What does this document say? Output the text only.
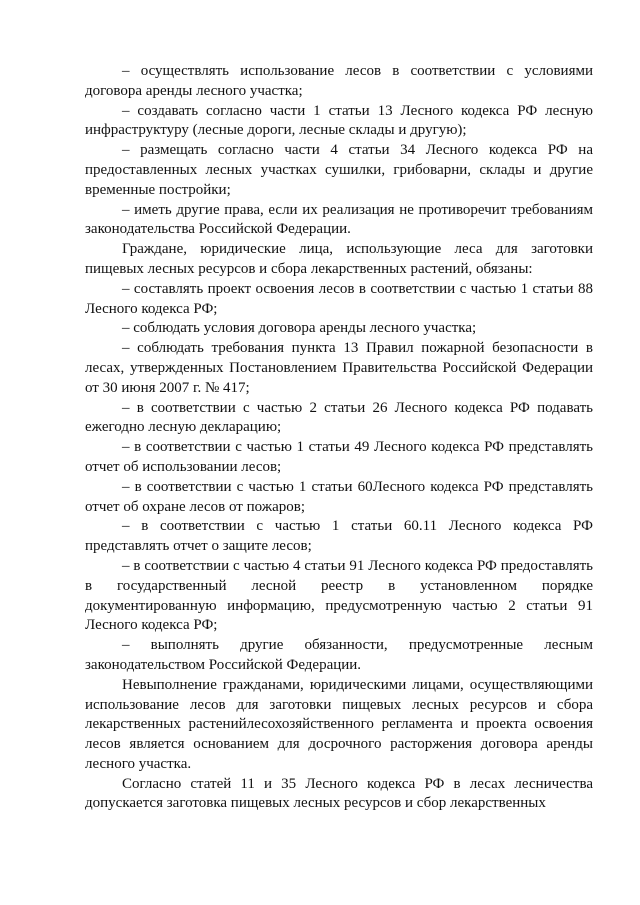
– осуществлять использование лесов в соответствии с условиями договора аренды лесного участка;

– создавать согласно части 1 статьи 13 Лесного кодекса РФ лесную инфраструктуру (лесные дороги, лесные склады и другую);

– размещать согласно части 4 статьи 34 Лесного кодекса РФ на предоставленных лесных участках сушилки, грибоварни, склады и другие временные постройки;

– иметь другие права, если их реализация не противоречит требованиям законодательства Российской Федерации.

Граждане, юридические лица, использующие леса для заготовки пищевых лесных ресурсов и сбора лекарственных растений, обязаны:

– составлять проект освоения лесов в соответствии с частью 1 статьи 88 Лесного кодекса РФ;

– соблюдать условия договора аренды лесного участка;

– соблюдать требования пункта 13 Правил пожарной безопасности в лесах, утвержденных Постановлением Правительства Российской Федерации от 30 июня 2007 г. № 417;

– в соответствии с частью 2 статьи 26 Лесного кодекса РФ подавать ежегодно лесную декларацию;

– в соответствии с частью 1 статьи 49 Лесного кодекса РФ представлять отчет об использовании лесов;

– в соответствии с частью 1 статьи 60Лесного кодекса РФ представлять отчет об охране лесов от пожаров;

– в соответствии с частью 1 статьи 60.11 Лесного кодекса РФ представлять отчет о защите лесов;

– в соответствии с частью 4 статьи 91 Лесного кодекса РФ предоставлять в государственный лесной реестр в установленном порядке документированную информацию, предусмотренную частью 2 статьи 91 Лесного кодекса РФ;

– выполнять другие обязанности, предусмотренные лесным законодательством Российской Федерации.

Невыполнение гражданами, юридическими лицами, осуществляющими использование лесов для заготовки пищевых лесных ресурсов и сбора лекарственных растенийлесохозяйственного регламента и проекта освоения лесов является основанием для досрочного расторжения договора аренды лесного участка.

Согласно статей 11 и 35 Лесного кодекса РФ в лесах лесничества допускается заготовка пищевых лесных ресурсов и сбор лекарственных
